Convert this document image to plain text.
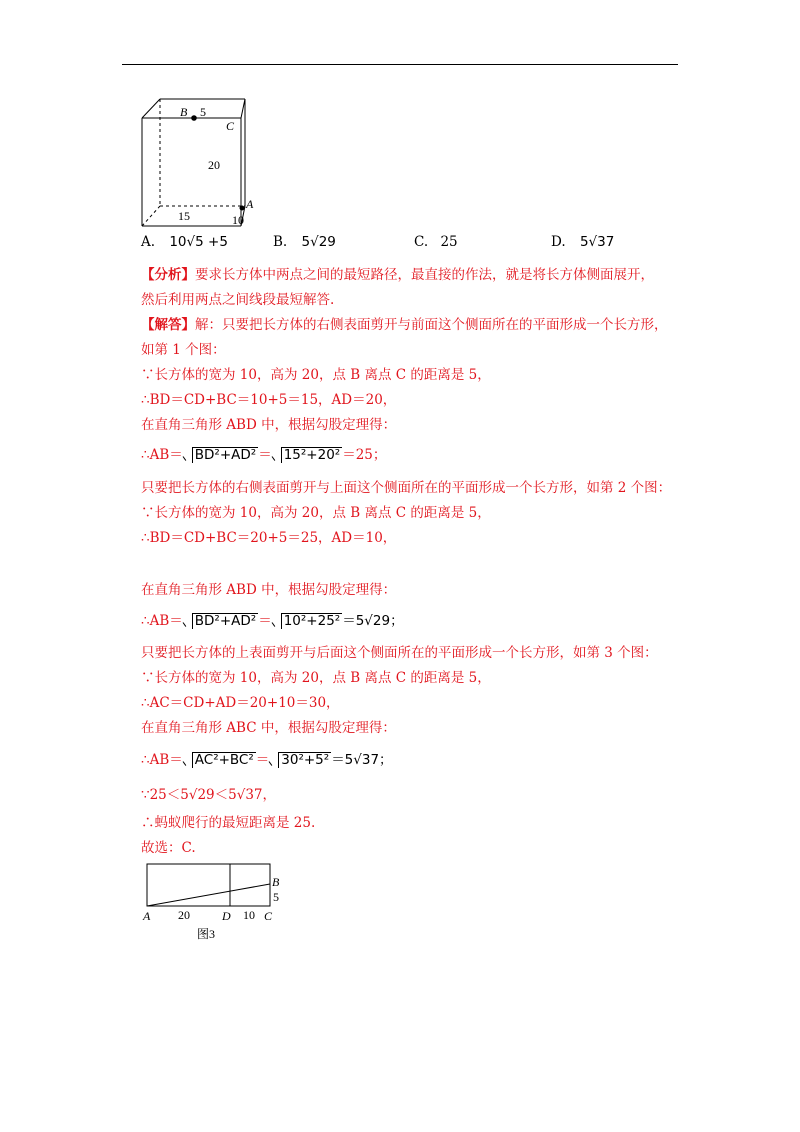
B 5
C
20
A
15	10
A. 10√5 +5	B. 5√29	C. 25	D. 5√37
【分析】要求长方体中两点之间的最短路径，最直接的作法，就是将长方体侧面展开，
然后利用两点之间线段最短解答.
【解答】解：只要把长方体的右侧表面剪开与前面这个侧面所在的平面形成一个长方形，
如第 1 个图：
∵长方体的宽为 10，高为 20，点 B 离点 C 的距离是 5，
∴BD＝CD+BC＝10+5＝15，AD＝20，
在直角三角形 ABD 中，根据勾股定理得：
∴AB＝ BD²+AD² ＝ 15²+20² ＝25；
只要把长方体的右侧表面剪开与上面这个侧面所在的平面形成一个长方形，如第 2 个图：
∵长方体的宽为 10，高为 20，点 B 离点 C 的距离是 5，
∴BD＝CD+BC＝20+5＝25，AD＝10，
在直角三角形 ABD 中，根据勾股定理得：
∴AB＝ BD²+AD² ＝ 10²+25² ＝5√29；
只要把长方体的上表面剪开与后面这个侧面所在的平面形成一个长方形，如第 3 个图：
∵长方体的宽为 10，高为 20，点 B 离点 C 的距离是 5，
∴AC＝CD+AD＝20+10＝30，
在直角三角形 ABC 中，根据勾股定理得：
∴AB＝ AC²+BC² ＝ 30²+5² ＝5√37；
∵25＜5√29＜5√37，
∴蚂蚁爬行的最短距离是 25.
故选：C.
A 20	D 10 C
B
5
图3
